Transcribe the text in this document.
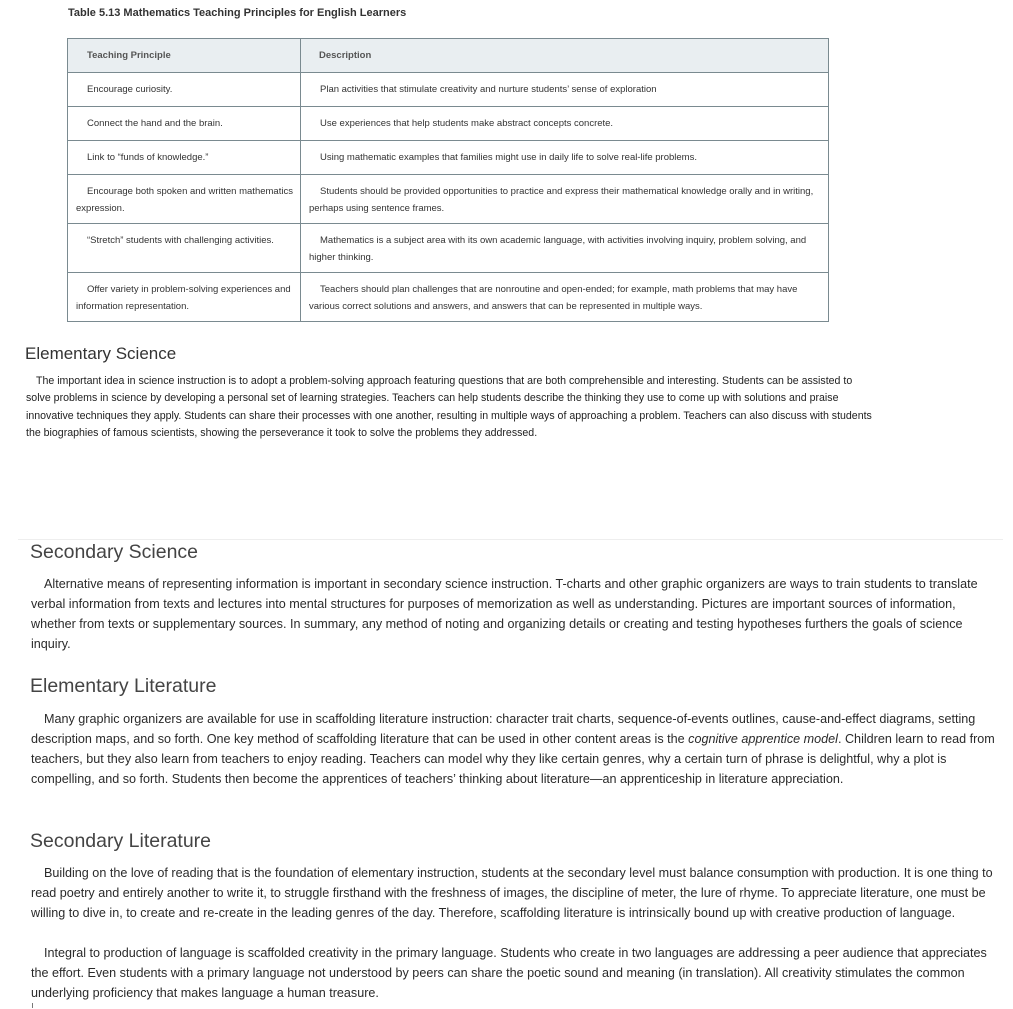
Table 5.13 Mathematics Teaching Principles for English Learners
Teaching Principle	Description
Encourage curiosity.	Plan activities that stimulate creativity and nurture students’ sense of exploration
Connect the hand and the brain.	Use experiences that help students make abstract concepts concrete.
Link to “funds of knowledge.”	Using mathematic examples that families might use in daily life to solve real-life problems.
Encourage both spoken and written mathematics expression.	Students should be provided opportunities to practice and express their mathematical knowledge orally and in writing, perhaps using sentence frames.
“Stretch” students with challenging activities.	Mathematics is a subject area with its own academic language, with activities involving inquiry, problem solving, and higher thinking.
Offer variety in problem-solving experiences and information representation.	Teachers should plan challenges that are nonroutine and open-ended; for example, math problems that may have various correct solutions and answers, and answers that can be represented in multiple ways.
Elementary Science
The important idea in science instruction is to adopt a problem-solving approach featuring questions that are both comprehensible and interesting. Students can be assisted to solve problems in science by developing a personal set of learning strategies. Teachers can help students describe the thinking they use to come up with solutions and praise innovative techniques they apply. Students can share their processes with one another, resulting in multiple ways of approaching a problem. Teachers can also discuss with students the biographies of famous scientists, showing the perseverance it took to solve the problems they addressed.
Secondary Science
Alternative means of representing information is important in secondary science instruction. T-charts and other graphic organizers are ways to train students to translate verbal information from texts and lectures into mental structures for purposes of memorization as well as understanding. Pictures are important sources of information, whether from texts or supplementary sources. In summary, any method of noting and organizing details or creating and testing hypotheses furthers the goals of science inquiry.
Elementary Literature
Many graphic organizers are available for use in scaffolding literature instruction: character trait charts, sequence-of-events outlines, cause-and-effect diagrams, setting description maps, and so forth. One key method of scaffolding literature that can be used in other content areas is the cognitive apprentice model. Children learn to read from teachers, but they also learn from teachers to enjoy reading. Teachers can model why they like certain genres, why a certain turn of phrase is delightful, why a plot is compelling, and so forth. Students then become the apprentices of teachers’ thinking about literature—an apprenticeship in literature appreciation.
Secondary Literature
Building on the love of reading that is the foundation of elementary instruction, students at the secondary level must balance consumption with production. It is one thing to read poetry and entirely another to write it, to struggle firsthand with the freshness of images, the discipline of meter, the lure of rhyme. To appreciate literature, one must be willing to dive in, to create and re-create in the leading genres of the day. Therefore, scaffolding literature is intrinsically bound up with creative production of language.
Integral to production of language is scaffolded creativity in the primary language. Students who create in two languages are addressing a peer audience that appreciates the effort. Even students with a primary language not understood by peers can share the poetic sound and meaning (in translation). All creativity stimulates the common underlying proficiency that makes language a human treasure.
